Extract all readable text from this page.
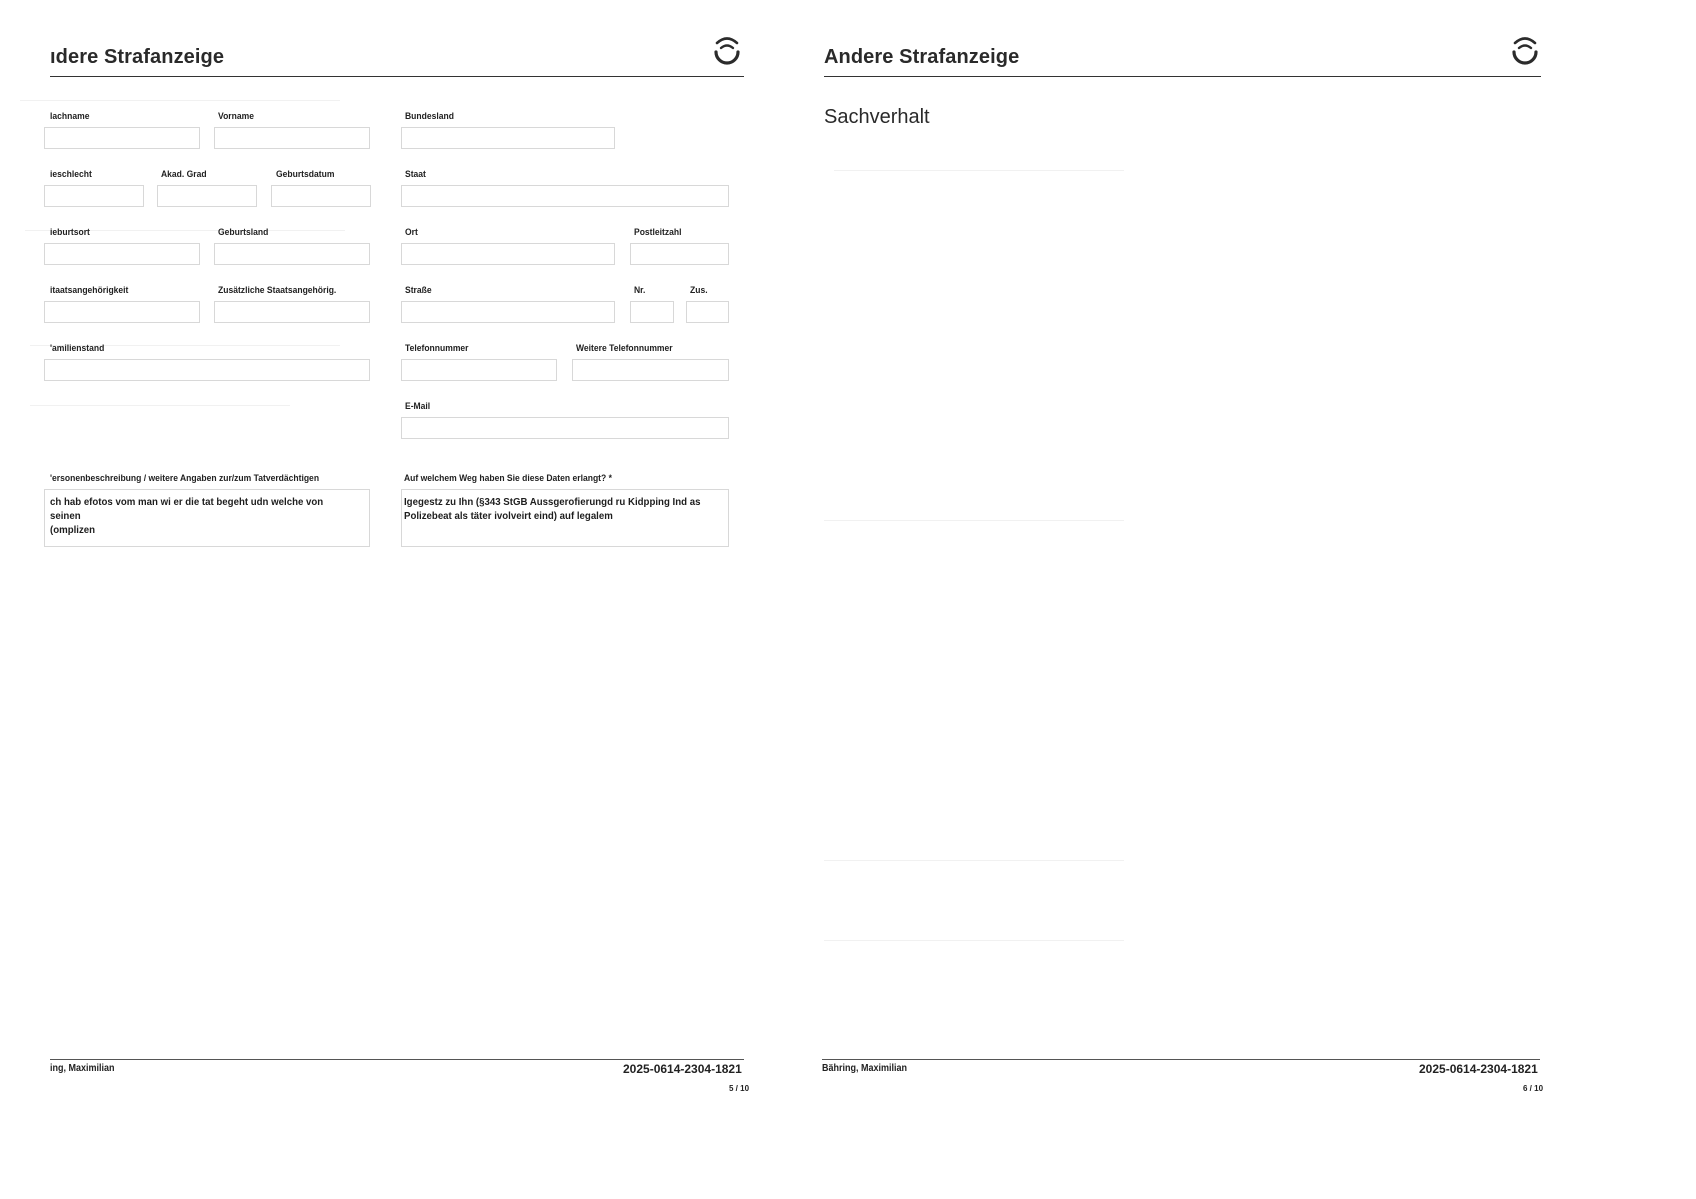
ıdere Strafanzeige
lachname	Vorname	Bundesland
ieschlecht	Akad. Grad	Geburtsdatum	Staat
ieburtsort	Geburtsland	Ort	Postleitzahl
itaatsangehörigkeit	Zusätzliche Staatsangehörig.	Straße	Nr.	Zus.
'amilienstand	Telefonnummer	Weitere Telefonnummer
E-Mail
'ersonenbeschreibung / weitere Angaben zur/zum Tatverdächtigen
ch hab efotos vom man wi er die tat begeht udn welche von seinen
(omplizen
Auf welchem Weg haben Sie diese Daten erlangt? *
Igegestz zu Ihn (§343 StGB Aussgerofierungd ru Kidpping Ind as
Polizebeat als täter ivolveirt eind) auf legalem
ing, Maximilian	2025-0614-2304-1821
5 / 10
Andere Strafanzeige
Sachverhalt
Bähring, Maximilian	2025-0614-2304-1821
6 / 10
